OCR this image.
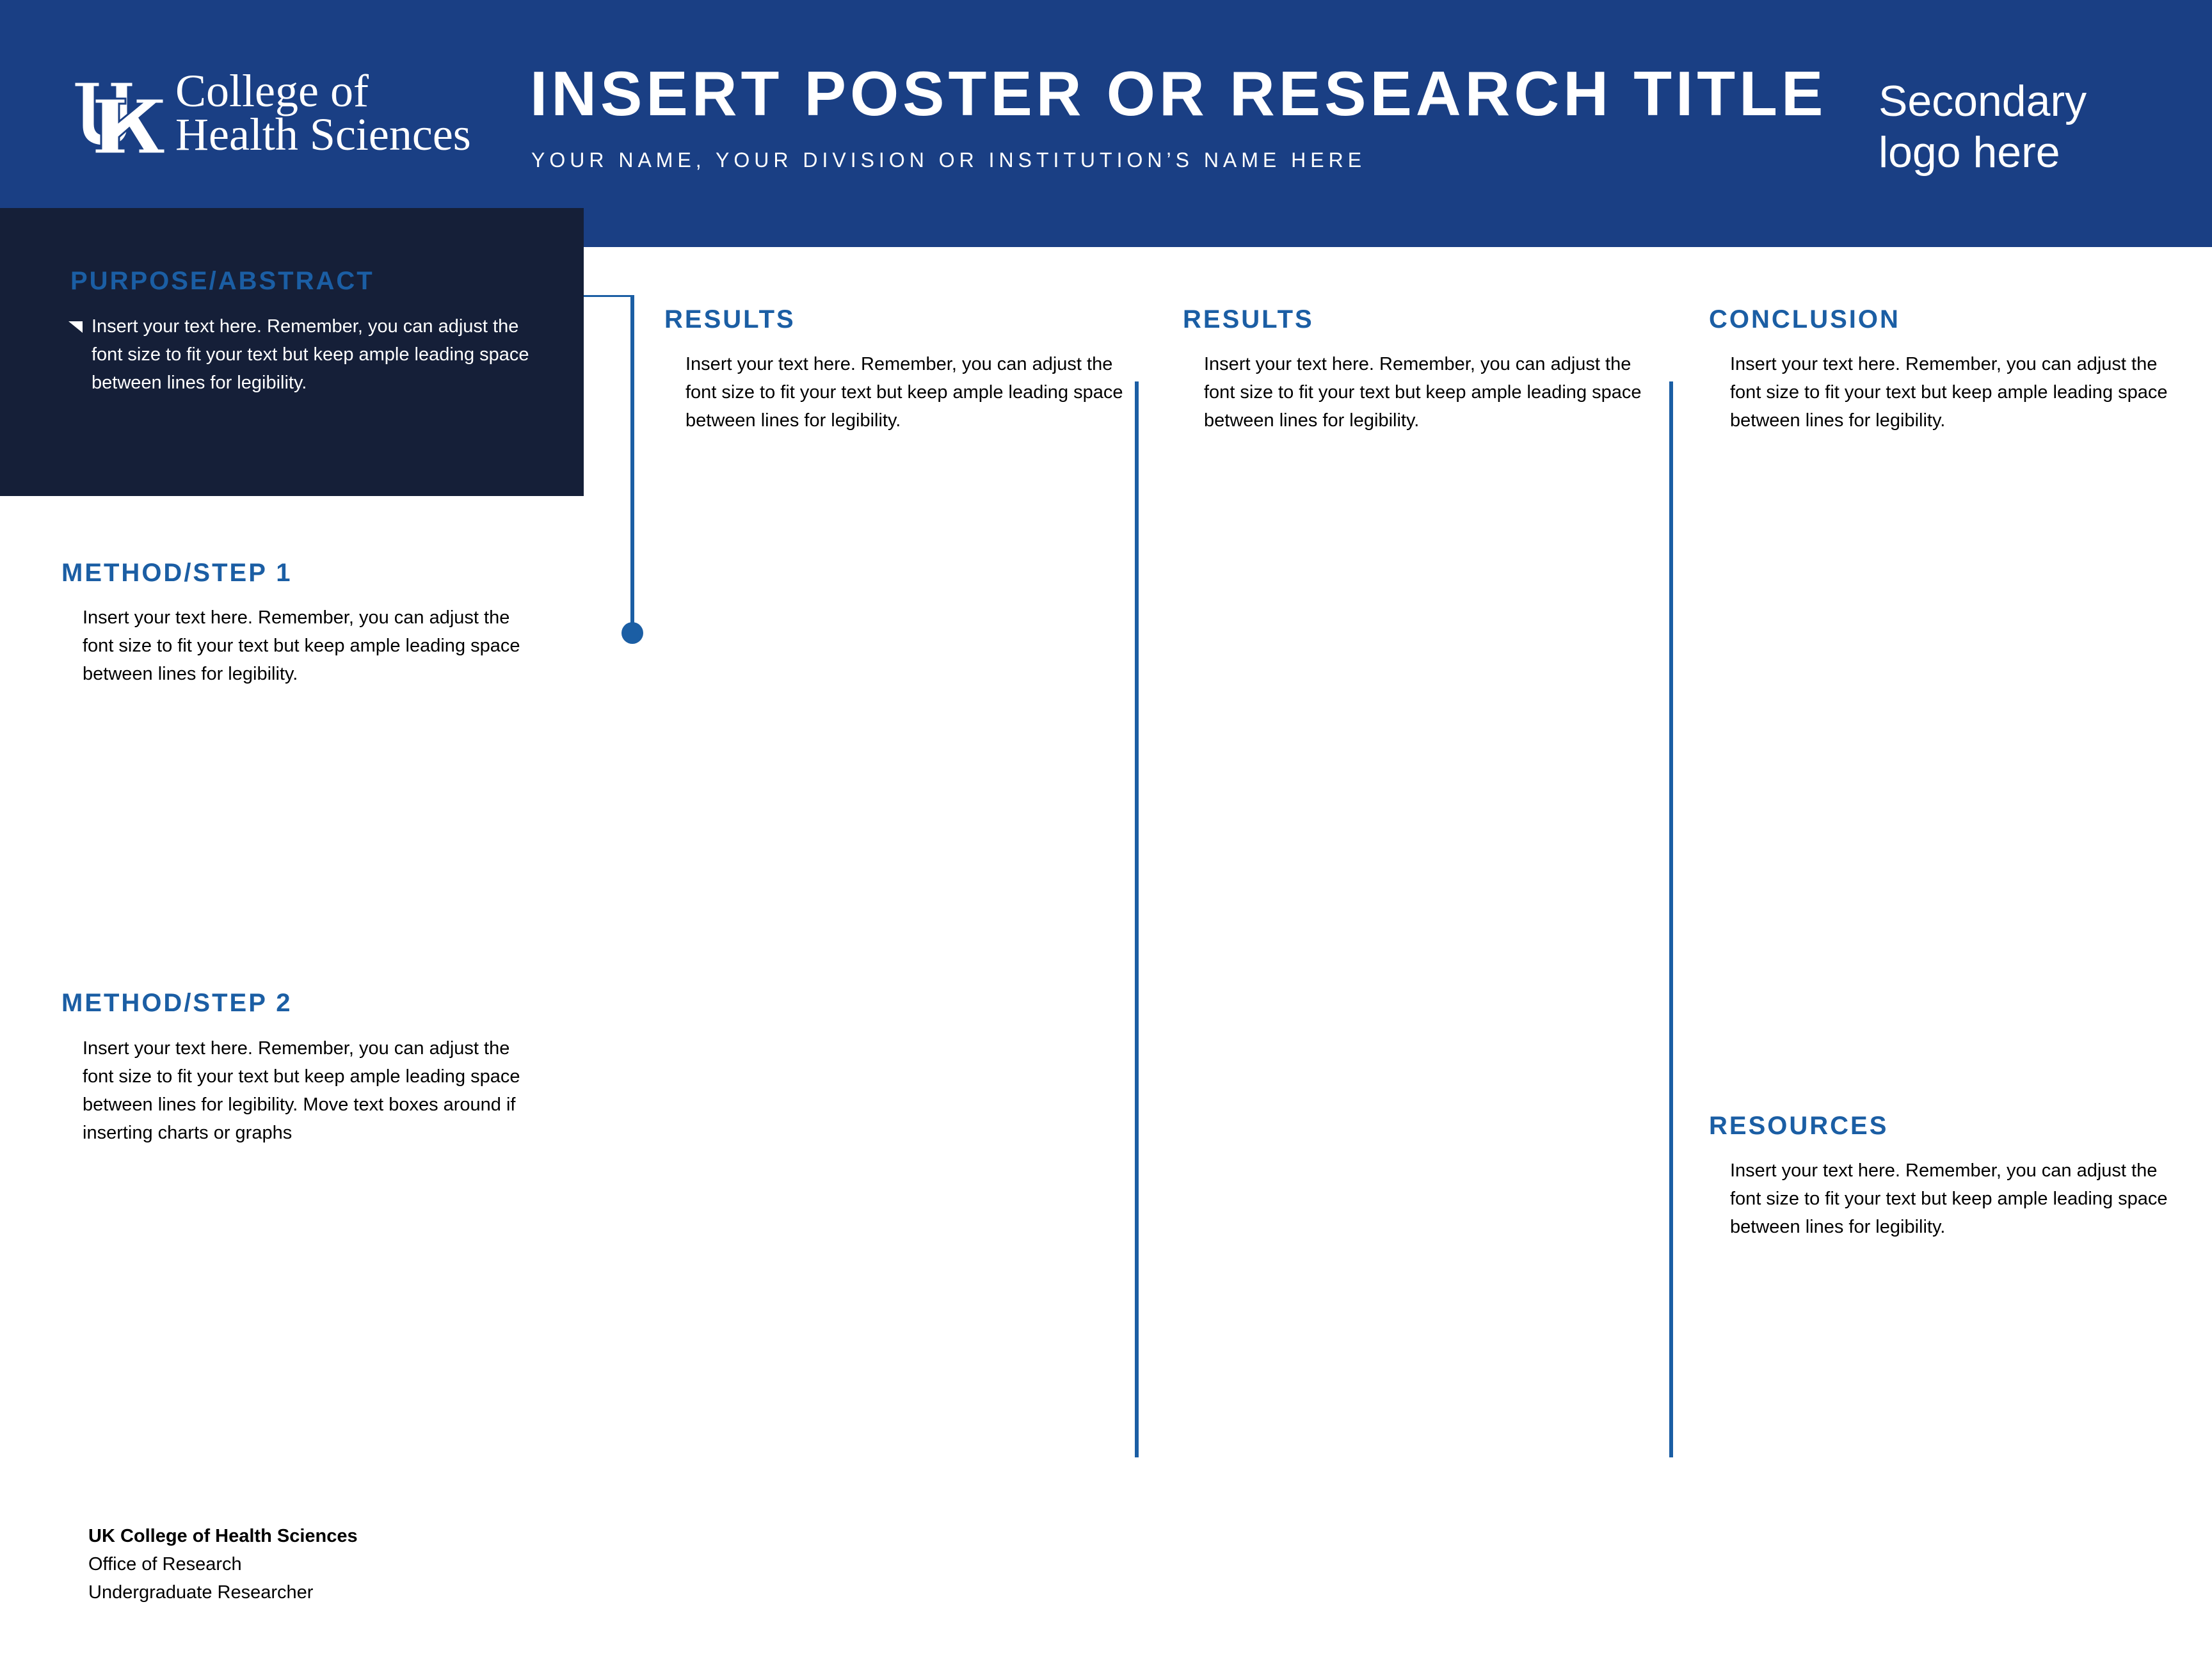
College of
Health Sciences
INSERT POSTER OR RESEARCH TITLE
YOUR NAME, YOUR DIVISION OR INSTITUTION’S NAME HERE
Secondary
logo here
PURPOSE/ABSTRACT
Insert your text here. Remember, you can adjust the font size to fit your text but keep ample leading space between lines for legibility.
METHOD/STEP 1
Insert your text here. Remember, you can adjust the font size to fit your text but keep ample leading space between lines for legibility.
METHOD/STEP 2
Insert your text here. Remember, you can adjust the font size to fit your text but keep ample leading space between lines for legibility. Move text boxes around if inserting charts or graphs
RESULTS
Insert your text here. Remember, you can adjust the font size to fit your text but keep ample leading space between lines for legibility.
RESULTS
Insert your text here. Remember, you can adjust the font size to fit your text but keep ample leading space between lines for legibility.
CONCLUSION
Insert your text here. Remember, you can adjust the font size to fit your text but keep ample leading space between lines for legibility.
RESOURCES
Insert your text here. Remember, you can adjust the font size to fit your text but keep ample leading space between lines for legibility.
UK College of Health Sciences
Office of Research
Undergraduate Researcher
